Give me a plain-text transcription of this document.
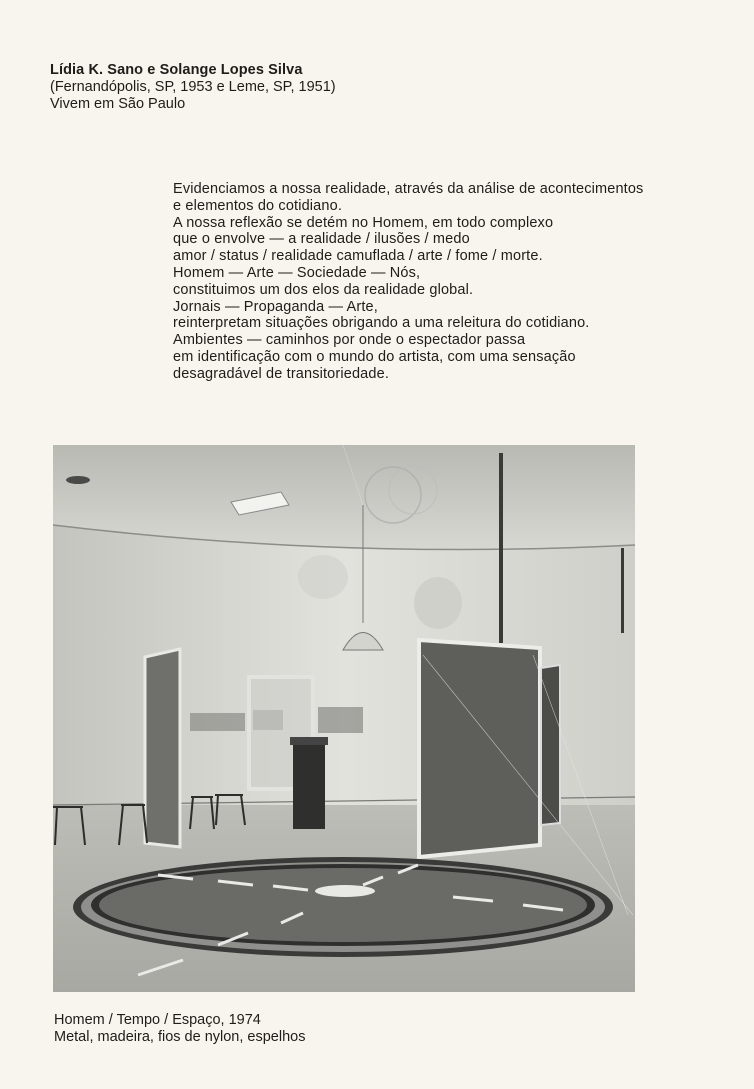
Lídia K. Sano e Solange Lopes Silva
(Fernandópolis, SP, 1953 e Leme, SP, 1951)
Vivem em São Paulo
Evidenciamos a nossa realidade, através da análise de acontecimentos
e elementos do cotidiano.
A nossa reflexão se detém no Homem, em todo complexo
que o envolve — a realidade / ilusões / medo
amor / status / realidade camuflada / arte / fome / morte.
Homem — Arte — Sociedade — Nós,
constituimos um dos elos da realidade global.
Jornais — Propaganda — Arte,
reinterpretam situações obrigando a uma releitura do cotidiano.
Ambientes — caminhos por onde o espectador passa
em identificação com o mundo do artista, com uma sensação
desagradável de transitoriedade.
Homem / Tempo / Espaço, 1974
Metal, madeira, fios de nylon, espelhos
